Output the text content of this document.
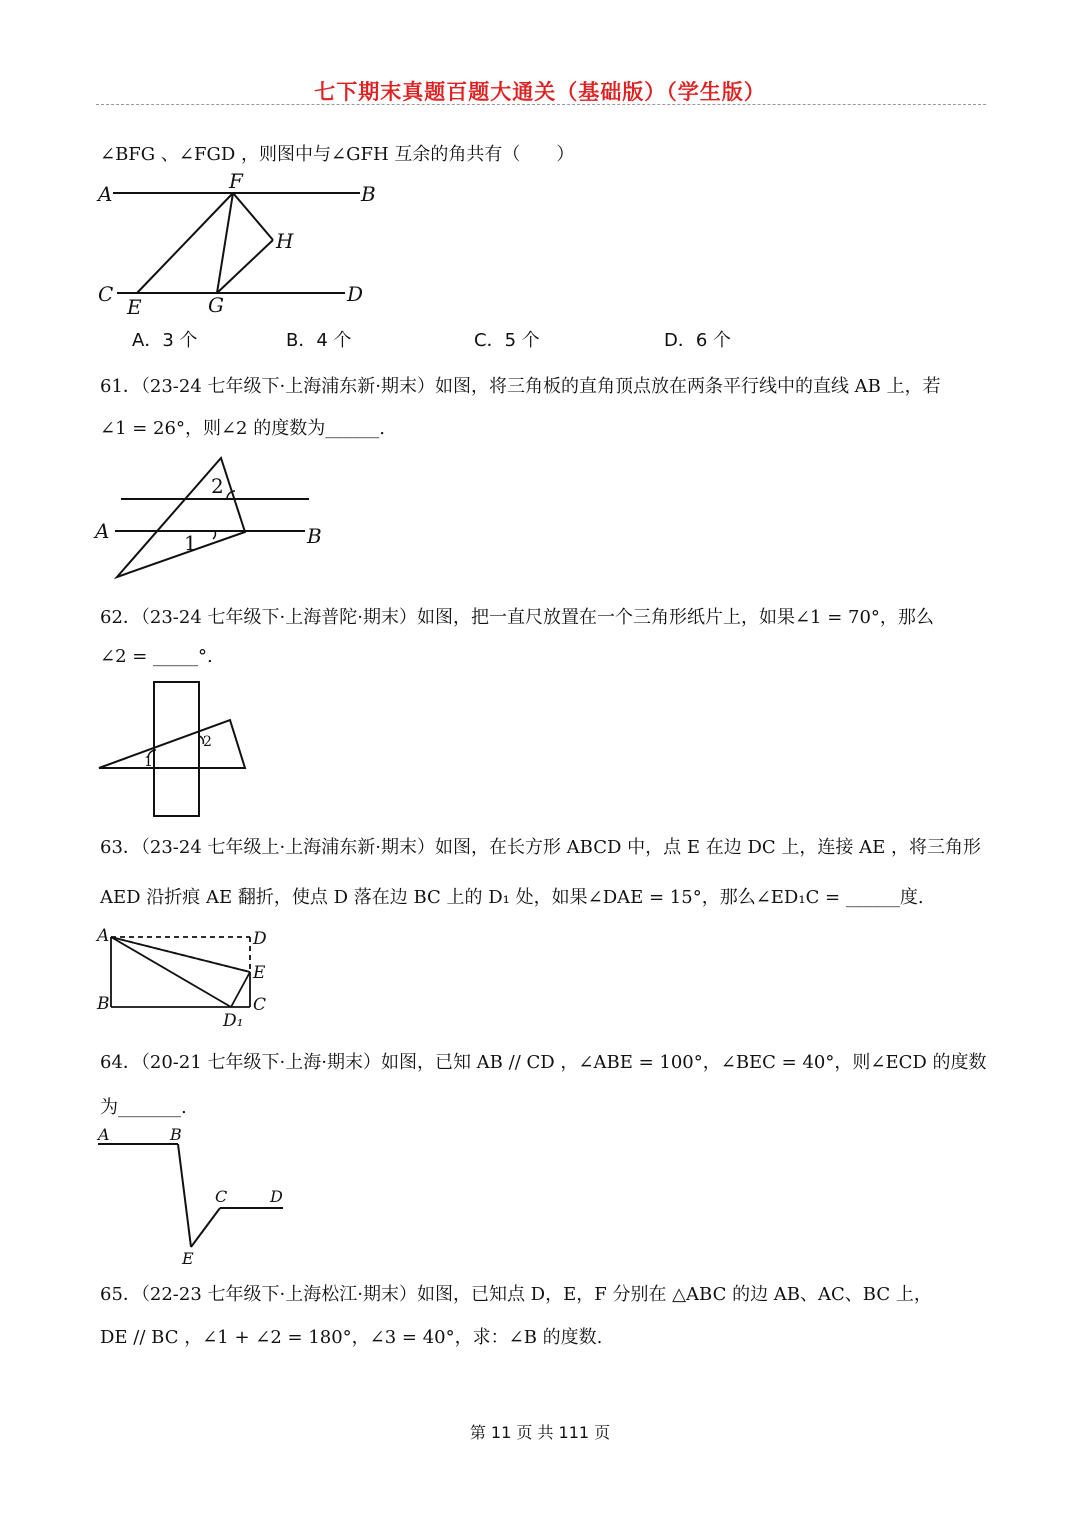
七下期末真题百题大通关（基础版）（学生版）
∠BFG 、∠FGD ，则图中与∠GFH 互余的角共有（　　）
A	B
C	D
E
F
G
H
A．3 个	B．4 个	C．5 个	D．6 个
61．（23-24 七年级下·上海浦东新·期末）如图，将三角板的直角顶点放在两条平行线中的直线 AB 上，若
∠1 = 26°，则∠2 的度数为______.
A	B
1
2
62．（23-24 七年级下·上海普陀·期末）如图，把一直尺放置在一个三角形纸片上，如果∠1 = 70°，那么
∠2 = _____°.
1
2
63．（23-24 七年级上·上海浦东新·期末）如图，在长方形 ABCD 中，点 E 在边 DC 上，连接 AE ，将三角形
AED 沿折痕 AE 翻折，使点 D 落在边 BC 上的 D₁ 处，如果∠DAE = 15°，那么∠ED₁C = ______度.
A	D
E
B	C
D₁
64．（20-21 七年级下·上海·期末）如图，已知 AB // CD ，∠ABE = 100°，∠BEC = 40°，则∠ECD 的度数
为_______.
A	B
C	D
E
65．（22-23 七年级下·上海松江·期末）如图，已知点 D，E，F 分别在 △ABC 的边 AB、AC、BC 上，
DE // BC ，∠1 + ∠2 = 180°，∠3 = 40°，求：∠B 的度数.
第 11 页 共 111 页
